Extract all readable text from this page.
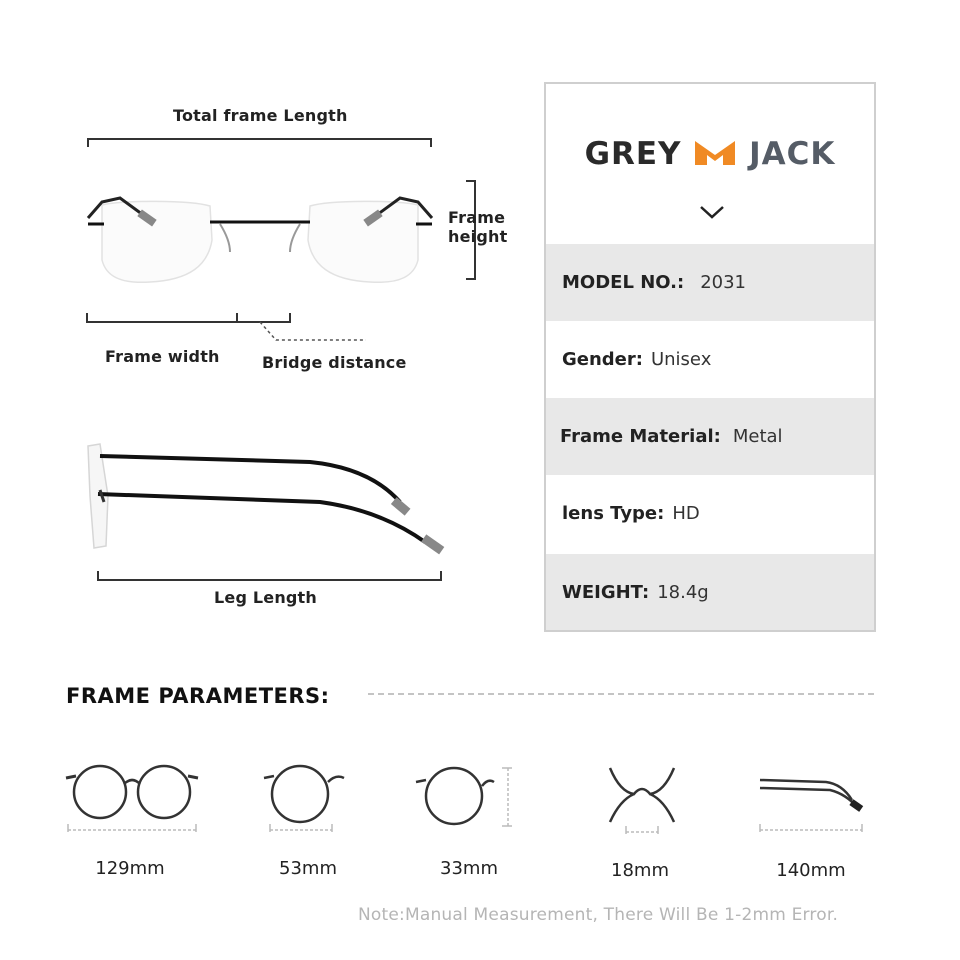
Total frame Length
Frame
height
Frame width	Bridge distance
Leg Length
GREY JACK
MODEL NO.: 2031
Gender: Unisex
Frame Material: Metal
lens Type: HD
WEIGHT: 18.4g
FRAME PARAMETERS:
129mm	53mm	33mm	18mm	140mm
Note:Manual Measurement, There Will Be 1-2mm Error.
